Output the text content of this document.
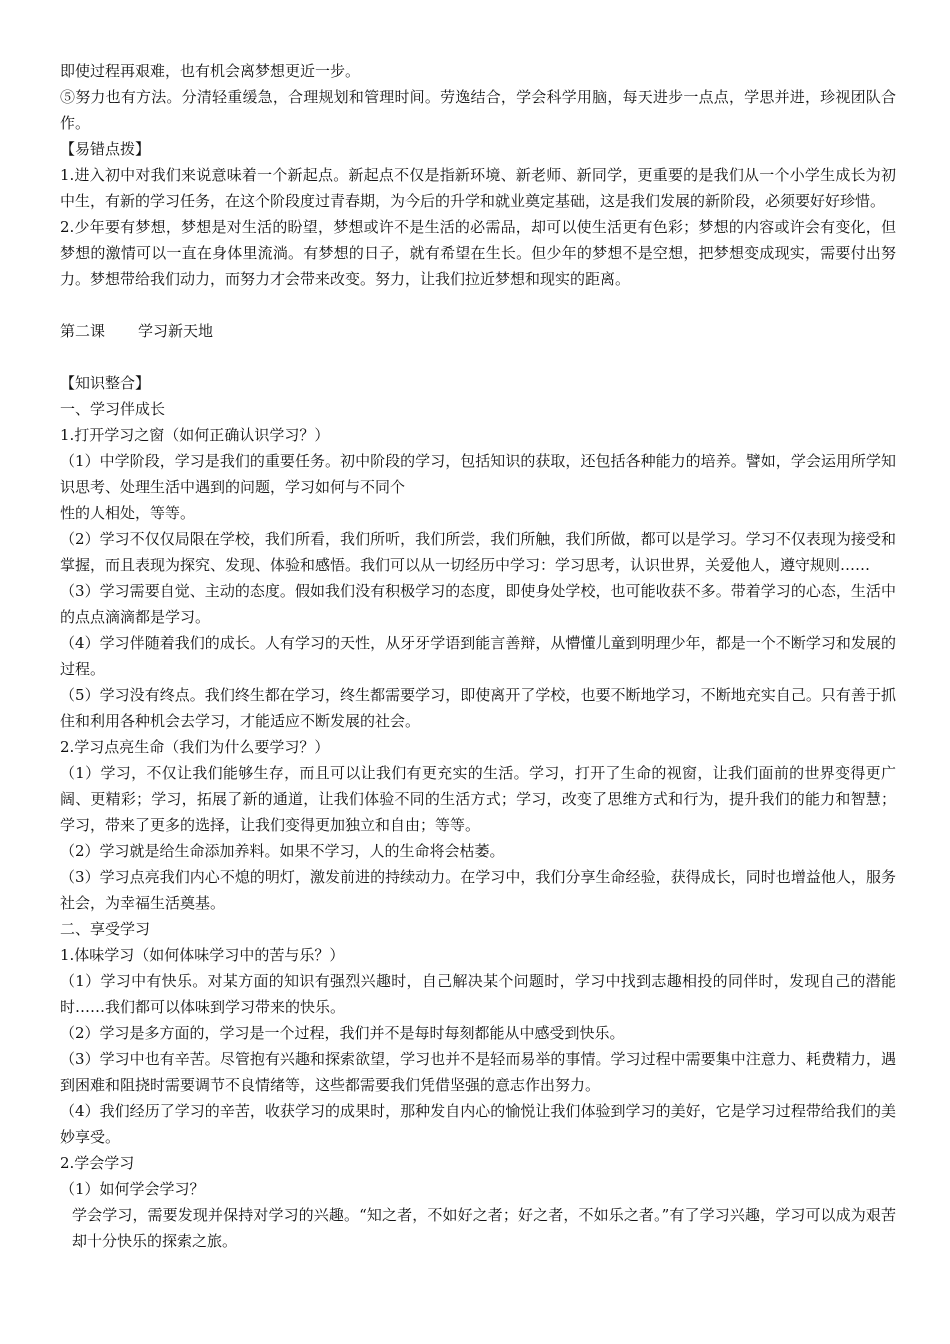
即使过程再艰难，也有机会离梦想更近一步。

⑤努力也有方法。分清轻重缓急，合理规划和管理时间。劳逸结合，学会科学用脑，每天进步一点点，学思并进，珍视团队合作。

【易错点拨】

1.进入初中对我们来说意味着一个新起点。新起点不仅是指新环境、新老师、新同学，更重要的是我们从一个小学生成长为初中生，有新的学习任务，在这个阶段度过青春期，为今后的升学和就业奠定基础，这是我们发展的新阶段，必须要好好珍惜。

2.少年要有梦想，梦想是对生活的盼望，梦想或许不是生活的必需品，却可以使生活更有色彩；梦想的内容或许会有变化，但梦想的激情可以一直在身体里流淌。有梦想的日子，就有希望在生长。但少年的梦想不是空想，把梦想变成现实，需要付出努力。梦想带给我们动力，而努力才会带来改变。努力，让我们拉近梦想和现实的距离。

第二课 学习新天地

【知识整合】

一、学习伴成长

1.打开学习之窗（如何正确认识学习？）

（1）中学阶段，学习是我们的重要任务。初中阶段的学习，包括知识的获取，还包括各种能力的培养。譬如，学会运用所学知识思考、处理生活中遇到的问题，学习如何与不同个

性的人相处，等等。

（2）学习不仅仅局限在学校，我们所看，我们所听，我们所尝，我们所触，我们所做，都可以是学习。学习不仅表现为接受和掌握，而且表现为探究、发现、体验和感悟。我们可以从一切经历中学习：学习思考，认识世界，关爱他人，遵守规则……

（3）学习需要自觉、主动的态度。假如我们没有积极学习的态度，即使身处学校，也可能收获不多。带着学习的心态，生活中的点点滴滴都是学习。

（4）学习伴随着我们的成长。人有学习的天性，从牙牙学语到能言善辩，从懵懂儿童到明理少年，都是一个不断学习和发展的过程。

（5）学习没有终点。我们终生都在学习，终生都需要学习，即使离开了学校，也要不断地学习，不断地充实自己。只有善于抓住和利用各种机会去学习，才能适应不断发展的社会。

2.学习点亮生命（我们为什么要学习？）

（1）学习，不仅让我们能够生存，而且可以让我们有更充实的生活。学习，打开了生命的视窗，让我们面前的世界变得更广阔、更精彩；学习，拓展了新的通道，让我们体验不同的生活方式；学习，改变了思维方式和行为，提升我们的能力和智慧；学习，带来了更多的选择，让我们变得更加独立和自由；等等。

（2）学习就是给生命添加养料。如果不学习，人的生命将会枯萎。

（3）学习点亮我们内心不熄的明灯，激发前进的持续动力。在学习中，我们分享生命经验，获得成长，同时也增益他人，服务社会，为幸福生活奠基。

二、享受学习

1.体味学习（如何体味学习中的苦与乐？）

（1）学习中有快乐。对某方面的知识有强烈兴趣时，自己解决某个问题时，学习中找到志趣相投的同伴时，发现自己的潜能时……我们都可以体味到学习带来的快乐。

（2）学习是多方面的，学习是一个过程，我们并不是每时每刻都能从中感受到快乐。

（3）学习中也有辛苦。尽管抱有兴趣和探索欲望，学习也并不是轻而易举的事情。学习过程中需要集中注意力、耗费精力，遇到困难和阻挠时需要调节不良情绪等，这些都需要我们凭借坚强的意志作出努力。

（4）我们经历了学习的辛苦，收获学习的成果时，那种发自内心的愉悦让我们体验到学习的美好，它是学习过程带给我们的美妙享受。

2.学会学习

（1）如何学会学习？

学会学习，需要发现并保持对学习的兴趣。“知之者，不如好之者；好之者，不如乐之者。”有了学习兴趣，学习可以成为艰苦却十分快乐的探索之旅。
